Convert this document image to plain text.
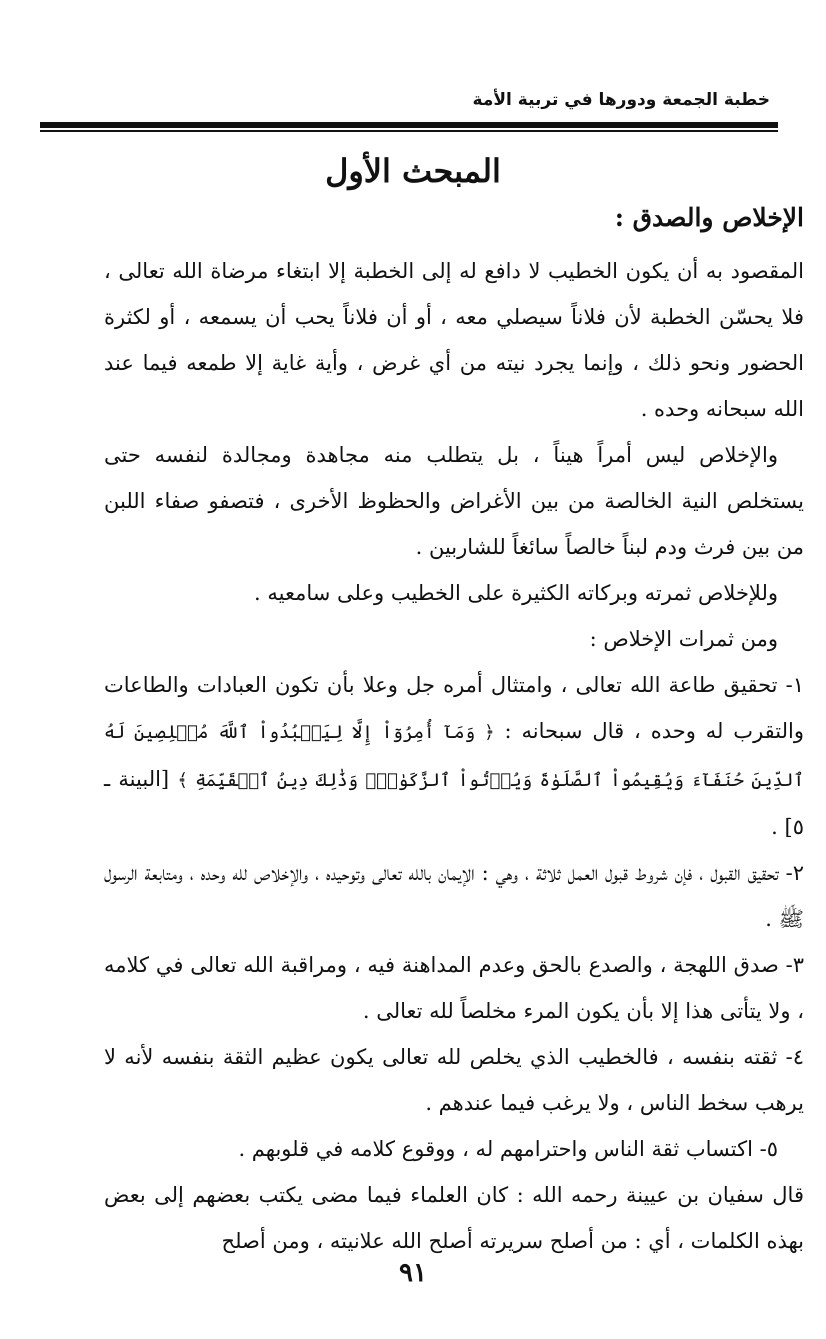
خطبة الجمعة ودورها في تربية الأمة
المبحث الأول
الإخلاص والصدق :

المقصود به أن يكون الخطيب لا دافع له إلى الخطبة إلا ابتغاء مرضاة الله تعالى ، فلا يحسّن الخطبة لأن فلاناً سيصلي معه ، أو أن فلاناً يحب أن يسمعه ، أو لكثرة الحضور ونحو ذلك ، وإنما يجرد نيته من أي غرض ، وأية غاية إلا طمعه فيما عند الله سبحانه وحده .

والإخلاص ليس أمراً هيناً ، بل يتطلب منه مجاهدة ومجالدة لنفسه حتى يستخلص النية الخالصة من بين الأغراض والحظوظ الأخرى ، فتصفو صفاء اللبن من بين فرث ودم لبناً خالصاً سائغاً للشاربين .

وللإخلاص ثمرته وبركاته الكثيرة على الخطيب وعلى سامعيه .

ومن ثمرات الإخلاص :

١- تحقيق طاعة الله تعالى ، وامتثال أمره جل وعلا بأن تكون العبادات والطاعات والتقرب له وحده ، قال سبحانه : ﴿ وَمَآ أُمِرُوٓاْ إِلَّا لِيَعۡبُدُواْ ٱللَّهَ مُخۡلِصِينَ لَهُ ٱلدِّينَ حُنَفَآءَ وَيُقِيمُواْ ٱلصَّلَوٰةَ وَيُؤۡتُواْ ٱلزَّكَوٰةَۚ وَذَٰلِكَ دِينُ ٱلۡقَيِّمَةِ ﴾ [البينة ـ ٥] .

٢- تحقيق القبول ، فإن شروط قبول العمل ثلاثة ، وهي : الإيمان بالله تعالى وتوحيده ، والإخلاص لله وحده ، ومتابعة الرسول ﷺ .

٣- صدق اللهجة ، والصدع بالحق وعدم المداهنة فيه ، ومراقبة الله تعالى في كلامه ، ولا يتأتى هذا إلا بأن يكون المرء مخلصاً لله تعالى .

٤- ثقته بنفسه ، فالخطيب الذي يخلص لله تعالى يكون عظيم الثقة بنفسه لأنه لا يرهب سخط الناس ، ولا يرغب فيما عندهم .

٥- اكتساب ثقة الناس واحترامهم له ، ووقوع كلامه في قلوبهم .

قال سفيان بن عيينة رحمه الله : كان العلماء فيما مضى يكتب بعضهم إلى بعض بهذه الكلمات ، أي : من أصلح سريرته أصلح الله علانيته ، ومن أصلح

٩١
